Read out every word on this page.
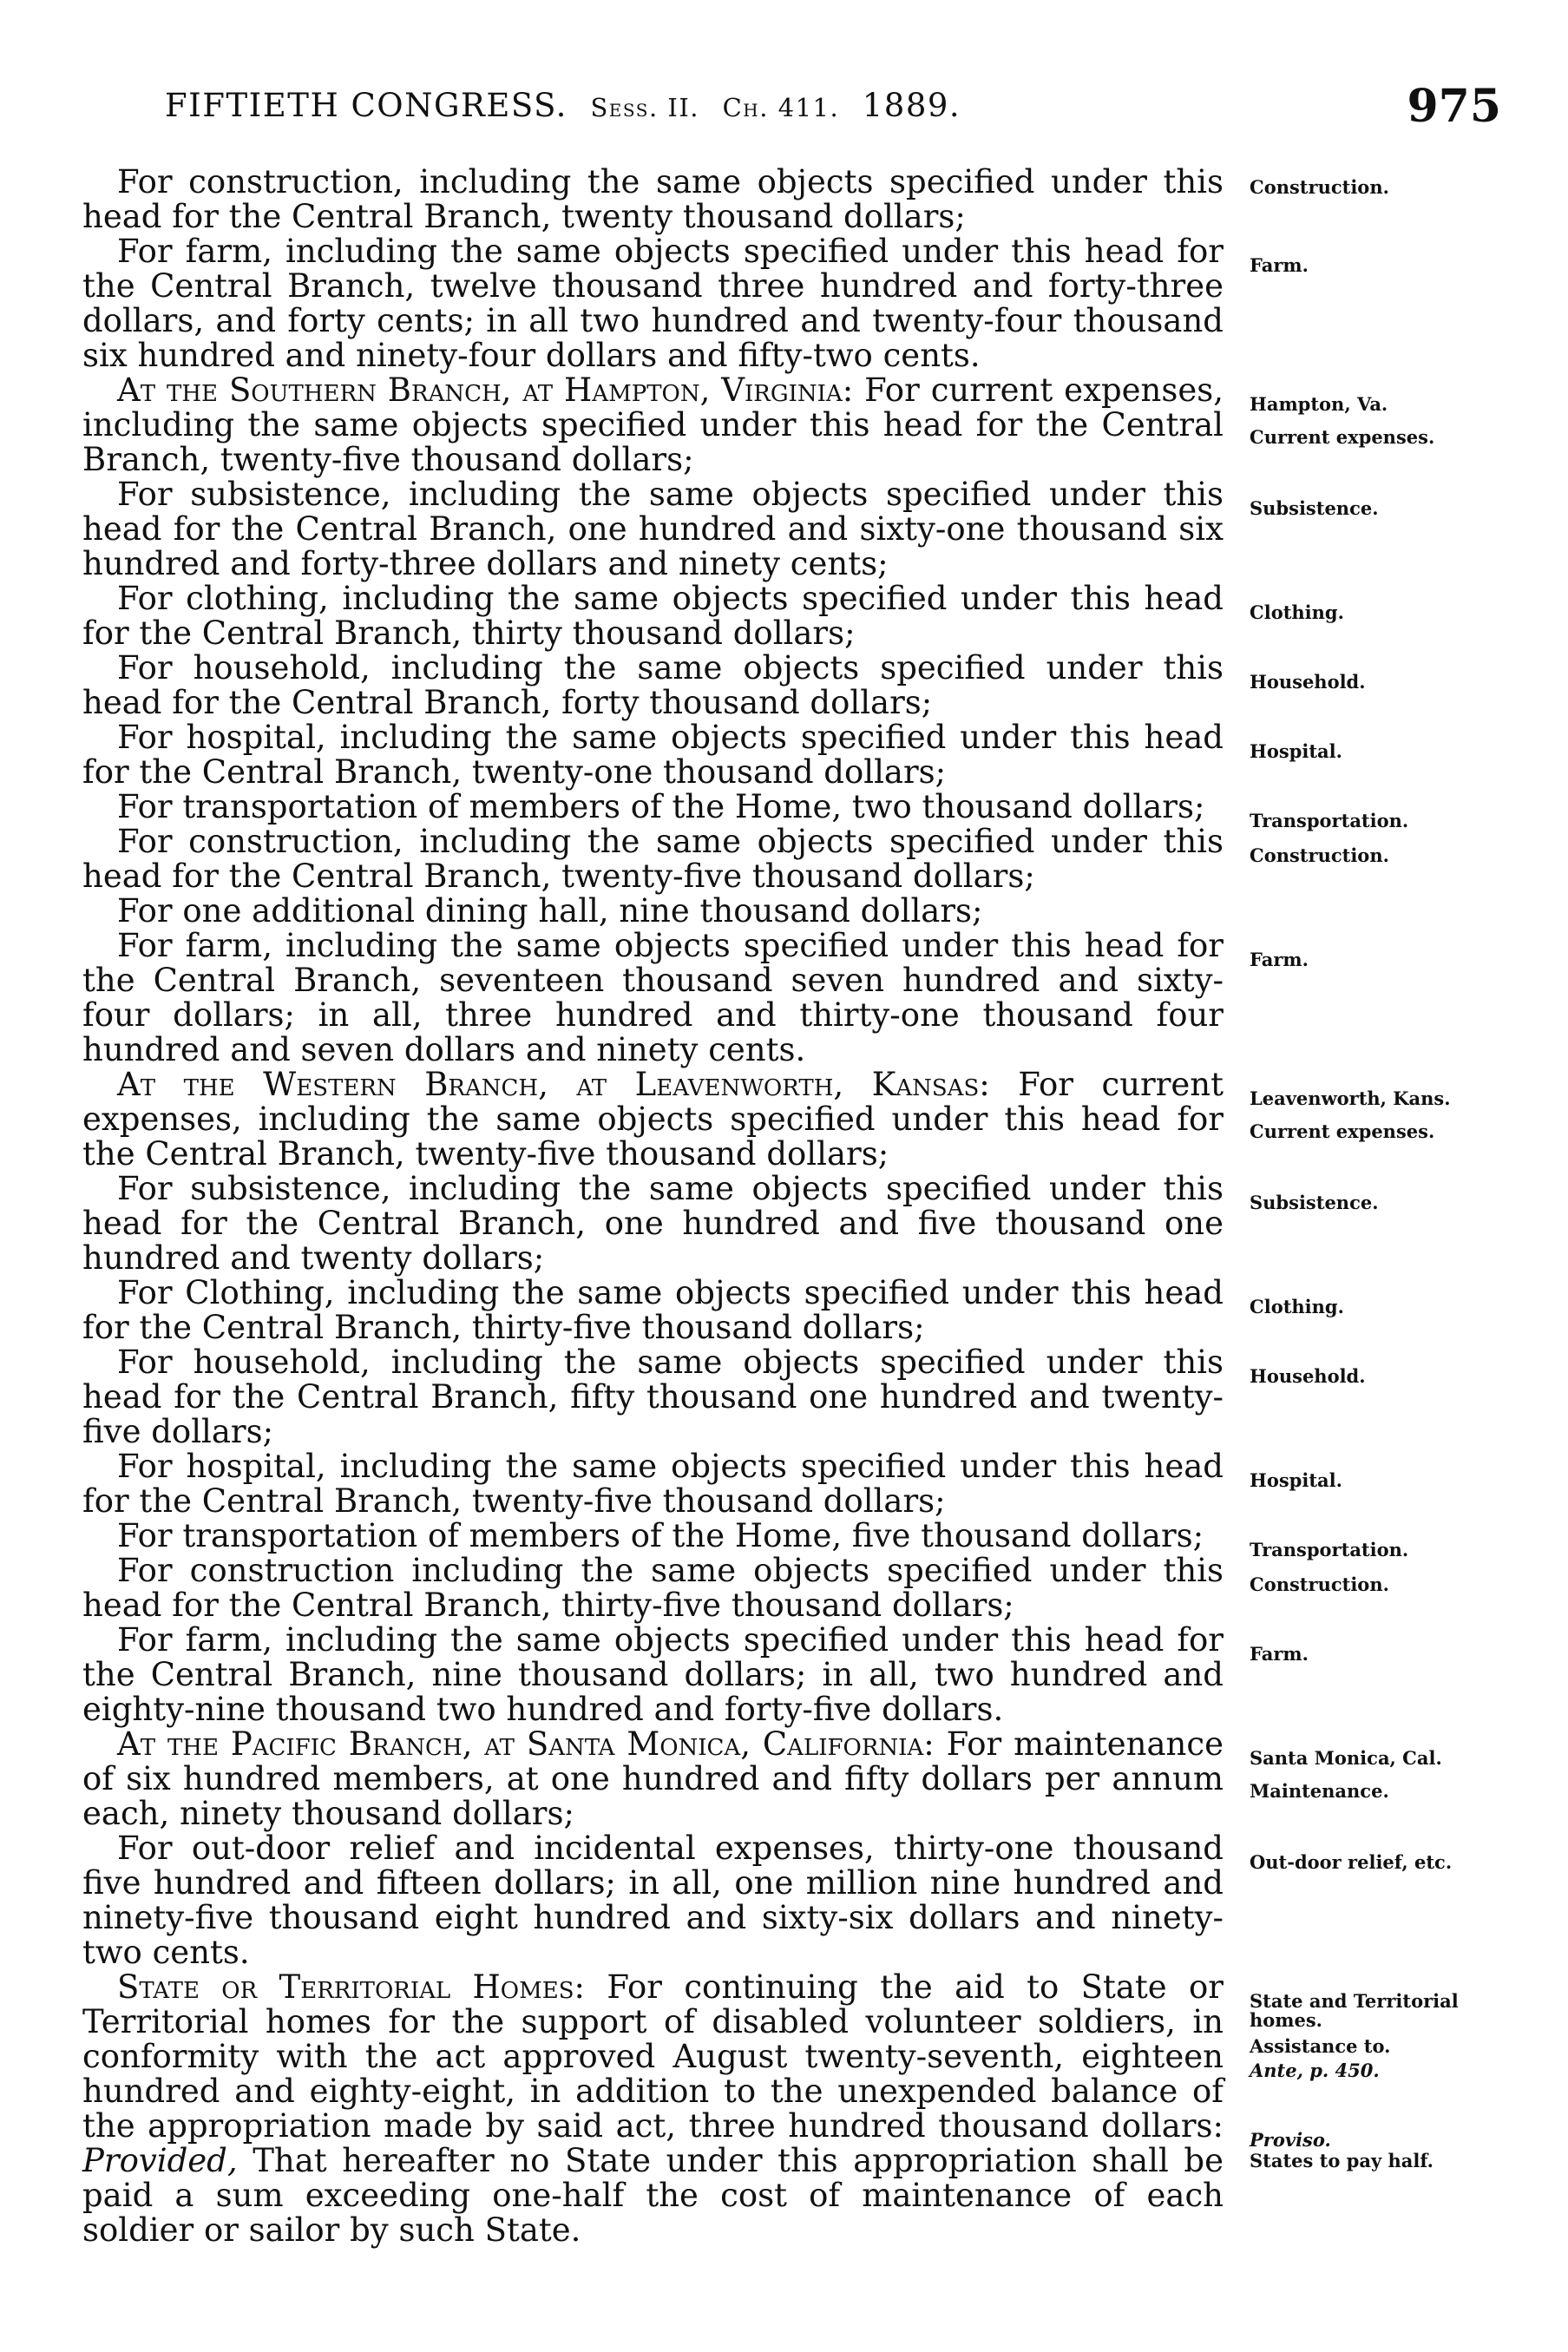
FIFTIETH CONGRESS. Sess. II. Ch. 411. 1889.	975

For construction, including the same objects specified under this head for the Central Branch, twenty thousand dollars;

For farm, including the same objects specified under this head for the Central Branch, twelve thousand three hundred and forty-three dollars, and forty cents; in all two hundred and twenty-four thousand six hundred and ninety-four dollars and fifty-two cents.

At the Southern Branch, at Hampton, Virginia: For current expenses, including the same objects specified under this head for the Central Branch, twenty-five thousand dollars;

For subsistence, including the same objects specified under this head for the Central Branch, one hundred and sixty-one thousand six hundred and forty-three dollars and ninety cents;

For clothing, including the same objects specified under this head for the Central Branch, thirty thousand dollars;

For household, including the same objects specified under this head for the Central Branch, forty thousand dollars;

For hospital, including the same objects specified under this head for the Central Branch, twenty-one thousand dollars;

For transportation of members of the Home, two thousand dollars;

For construction, including the same objects specified under this head for the Central Branch, twenty-five thousand dollars;

For one additional dining hall, nine thousand dollars;

For farm, including the same objects specified under this head for the Central Branch, seventeen thousand seven hundred and sixty-four dollars; in all, three hundred and thirty-one thousand four hundred and seven dollars and ninety cents.

At the Western Branch, at Leavenworth, Kansas: For current expenses, including the same objects specified under this head for the Central Branch, twenty-five thousand dollars;

For subsistence, including the same objects specified under this head for the Central Branch, one hundred and five thousand one hundred and twenty dollars;

For Clothing, including the same objects specified under this head for the Central Branch, thirty-five thousand dollars;

For household, including the same objects specified under this head for the Central Branch, fifty thousand one hundred and twenty-five dollars;

For hospital, including the same objects specified under this head for the Central Branch, twenty-five thousand dollars;

For transportation of members of the Home, five thousand dollars;

For construction including the same objects specified under this head for the Central Branch, thirty-five thousand dollars;

For farm, including the same objects specified under this head for the Central Branch, nine thousand dollars; in all, two hundred and eighty-nine thousand two hundred and forty-five dollars.

At the Pacific Branch, at Santa Monica, California: For maintenance of six hundred members, at one hundred and fifty dollars per annum each, ninety thousand dollars;

For out-door relief and incidental expenses, thirty-one thousand five hundred and fifteen dollars; in all, one million nine hundred and ninety-five thousand eight hundred and sixty-six dollars and ninety-two cents.

State or Territorial Homes: For continuing the aid to State or Territorial homes for the support of disabled volunteer soldiers, in conformity with the act approved August twenty-seventh, eighteen hundred and eighty-eight, in addition to the unexpended balance of the appropriation made by said act, three hundred thousand dollars: Provided, That hereafter no State under this appropriation shall be paid a sum exceeding one-half the cost of maintenance of each soldier or sailor by such State.

Construction.
Farm.
Hampton, Va.
Current expenses.
Subsistence.
Clothing.
Household.
Hospital.
Transportation.
Construction.
Farm.
Leavenworth, Kans.
Current expenses.
Subsistence.
Clothing.
Household.
Hospital.
Transportation.
Construction.
Farm.
Santa Monica, Cal.
Maintenance.
Out-door relief, etc.
State and Territorial
homes.
Assistance to.
Ante, p. 450.
Proviso.
States to pay half.
